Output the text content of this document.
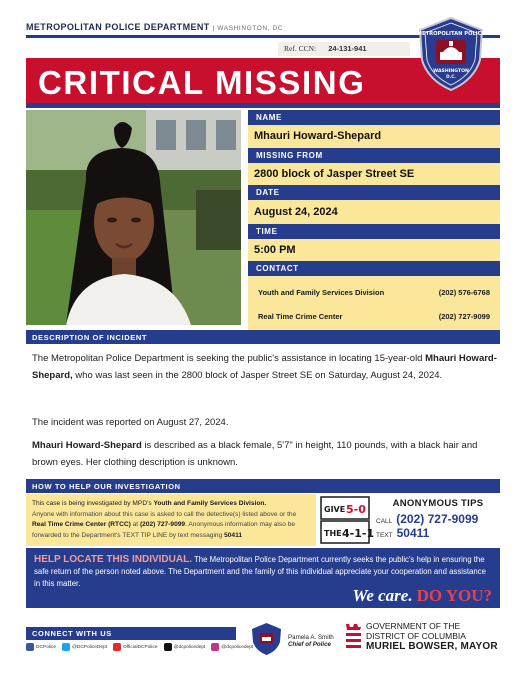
METROPOLITAN POLICE DEPARTMENT | WASHINGTON, DC
Ref. CCN: 24-131-941
CRITICAL MISSING
METROPOLITAN POLICE
WASHINGTON
D.C.
NAME
Mhauri Howard-Shepard
MISSING FROM
2800 block of Jasper Street SE
DATE
August 24, 2024
TIME
5:00 PM
CONTACT
Youth and Family Services Division	(202) 576-6768
Real Time Crime Center	(202) 727-9099
DESCRIPTION OF INCIDENT
The Metropolitan Police Department is seeking the public's assistance in locating 15-year-old Mhauri Howard-Shepard, who was last seen in the 2800 block of Jasper Street SE on Saturday, August 24, 2024.
The incident was reported on August 27, 2024.
Mhauri Howard-Shepard is described as a black female, 5'7" in height, 110 pounds, with a black hair and brown eyes. Her clothing description is unknown.
HOW TO HELP OUR INVESTIGATION
This case is being investigated by MPD's Youth and Family Services Division.
Anyone with information about this case is asked to call the detective(s) listed above or the Real Time Crime Center (RTCC) at (202) 727-9099. Anonymous information may also be forwarded to the Department's TEXT TIP LINE by text messaging 50411
GIVE 5-0
THE 4-1-1
ANONYMOUS TIPS
CALL (202) 727-9099
TEXT 50411
HELP LOCATE THIS INDIVIDUAL. The Metropolitan Police Department currently seeks the public's help in ensuring the safe return of the person noted above. The Department and the family of this individual appreciate your cooperation and assistance in this matter.
We care. DO YOU?
CONNECT WITH US
DCPolice	@DCPoliceDept	OfficialDCPolice	@dcpolicedept	@dcpolicedept
Pamela A. Smith
Chief of Police
GOVERNMENT OF THE
DISTRICT OF COLUMBIA
MURIEL BOWSER, MAYOR
